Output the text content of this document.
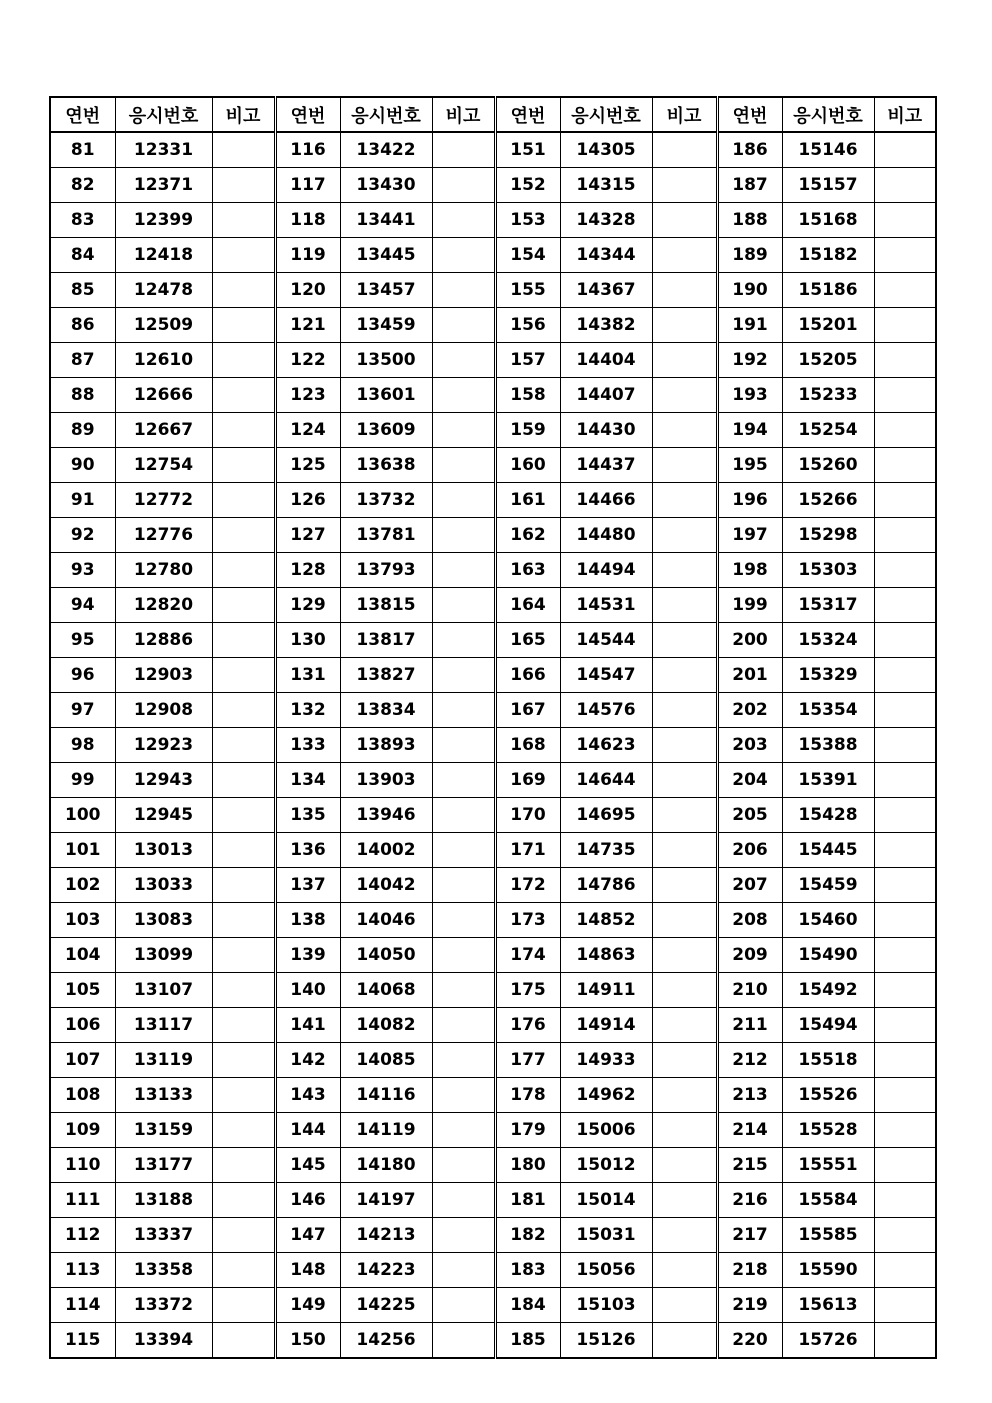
연번	응시번호	비고	연번	응시번호	비고	연번	응시번호	비고	연번	응시번호	비고
81	12331		116	13422		151	14305		186	15146	
82	12371		117	13430		152	14315		187	15157	
83	12399		118	13441		153	14328		188	15168	
84	12418		119	13445		154	14344		189	15182	
85	12478		120	13457		155	14367		190	15186	
86	12509		121	13459		156	14382		191	15201	
87	12610		122	13500		157	14404		192	15205	
88	12666		123	13601		158	14407		193	15233	
89	12667		124	13609		159	14430		194	15254	
90	12754		125	13638		160	14437		195	15260	
91	12772		126	13732		161	14466		196	15266	
92	12776		127	13781		162	14480		197	15298	
93	12780		128	13793		163	14494		198	15303	
94	12820		129	13815		164	14531		199	15317	
95	12886		130	13817		165	14544		200	15324	
96	12903		131	13827		166	14547		201	15329	
97	12908		132	13834		167	14576		202	15354	
98	12923		133	13893		168	14623		203	15388	
99	12943		134	13903		169	14644		204	15391	
100	12945		135	13946		170	14695		205	15428	
101	13013		136	14002		171	14735		206	15445	
102	13033		137	14042		172	14786		207	15459	
103	13083		138	14046		173	14852		208	15460	
104	13099		139	14050		174	14863		209	15490	
105	13107		140	14068		175	14911		210	15492	
106	13117		141	14082		176	14914		211	15494	
107	13119		142	14085		177	14933		212	15518	
108	13133		143	14116		178	14962		213	15526	
109	13159		144	14119		179	15006		214	15528	
110	13177		145	14180		180	15012		215	15551	
111	13188		146	14197		181	15014		216	15584	
112	13337		147	14213		182	15031		217	15585	
113	13358		148	14223		183	15056		218	15590	
114	13372		149	14225		184	15103		219	15613	
115	13394		150	14256		185	15126		220	15726	
